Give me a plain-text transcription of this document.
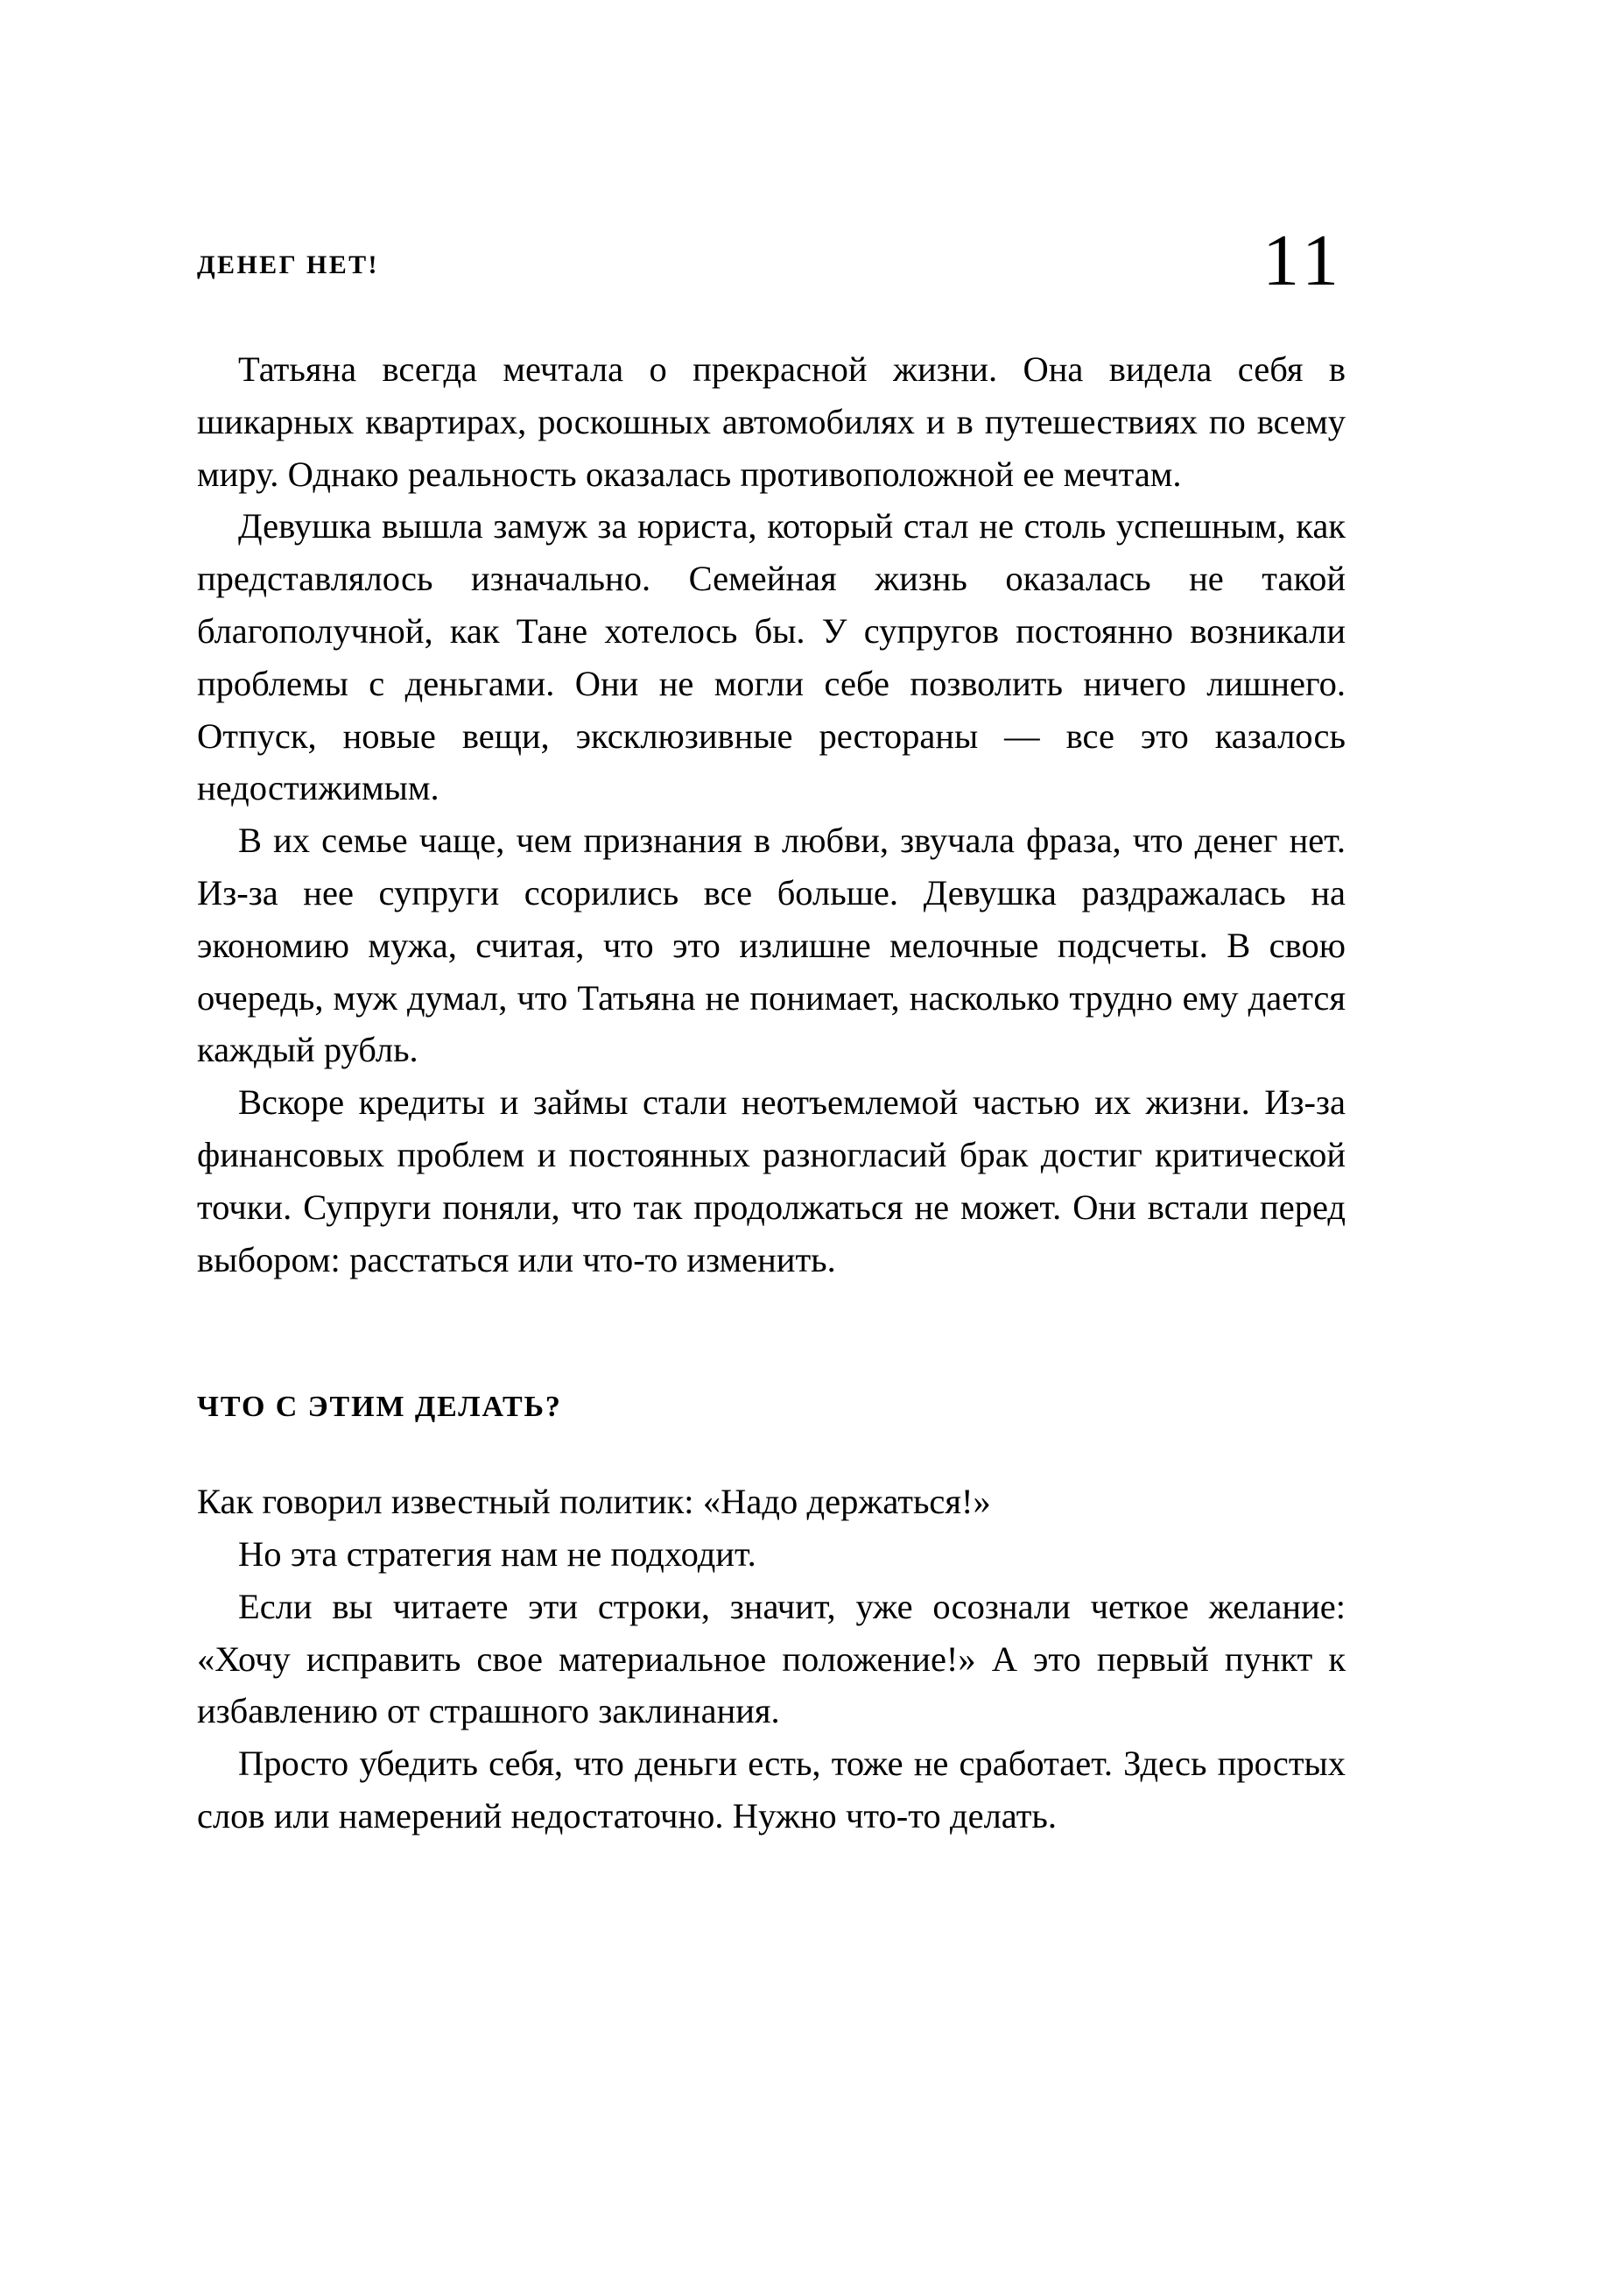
ДЕНЕГ НЕТ!	11

Татьяна всегда мечтала о прекрасной жизни. Она видела себя в шикарных квартирах, роскошных автомобилях и в путешествиях по всему миру. Однако реальность оказалась противоположной ее мечтам.

Девушка вышла замуж за юриста, который стал не столь успешным, как представлялось изначально. Семейная жизнь оказалась не такой благополучной, как Тане хотелось бы. У супругов постоянно возникали проблемы с деньгами. Они не могли себе позволить ничего лишнего. Отпуск, новые вещи, эксклюзивные рестораны — все это казалось недостижимым.

В их семье чаще, чем признания в любви, звучала фраза, что денег нет. Из-за нее супруги ссорились все больше. Девушка раздражалась на экономию мужа, считая, что это излишне мелочные подсчеты. В свою очередь, муж думал, что Татьяна не понимает, насколько трудно ему дается каждый рубль.

Вскоре кредиты и займы стали неотъемлемой частью их жизни. Из-за финансовых проблем и постоянных разногласий брак достиг критической точки. Супруги поняли, что так продолжаться не может. Они встали перед выбором: расстаться или что-то изменить.

ЧТО С ЭТИМ ДЕЛАТЬ?

Как говорил известный политик: «Надо держаться!»

Но эта стратегия нам не подходит.

Если вы читаете эти строки, значит, уже осознали четкое желание: «Хочу исправить свое материальное положение!» А это первый пункт к избавлению от страшного заклинания.

Просто убедить себя, что деньги есть, тоже не сработает. Здесь простых слов или намерений недостаточно. Нужно что-то делать.
